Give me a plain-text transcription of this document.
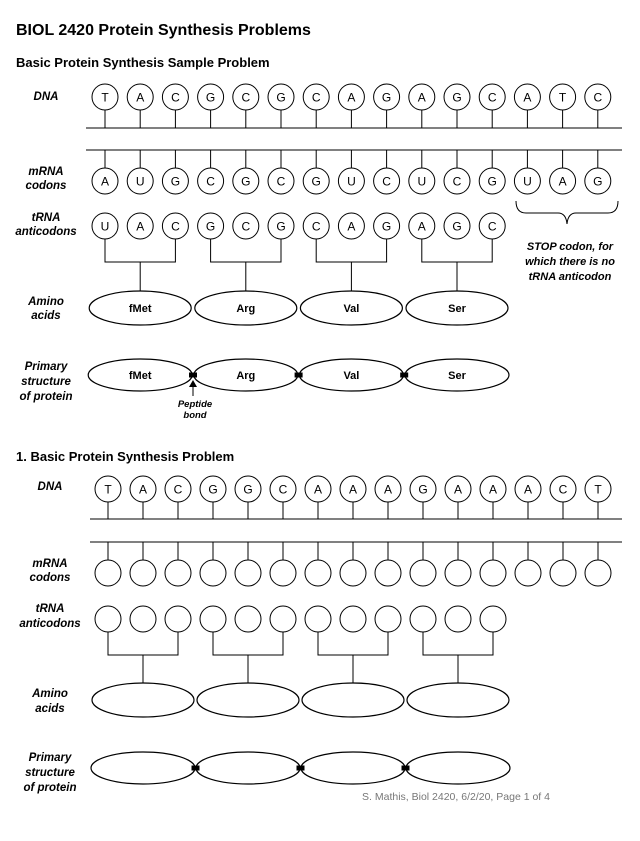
BIOL 2420 Protein Synthesis Problems
Basic Protein Synthesis Sample Problem
1. Basic Protein Synthesis Problem
DNA
mRNA
codons
tRNA
anticodons
Amino
acids
Primary
structure
of protein
DNA
mRNA
codons
tRNA
anticodons
Amino
acids
Primary
structure
of protein
STOP codon, for
which there is no
tRNA anticodon
Peptide
bond
S. Mathis, Biol 2420, 6/2/20, Page 1 of 4
T A C G C G C A G A G C A T C
A U G C G C G U C U C G U A G
U A C G C G C A G A G C
fMet	Arg	Val	Ser
fMet	Arg	Val	Ser
T A C G G C A A A G A A A C T
